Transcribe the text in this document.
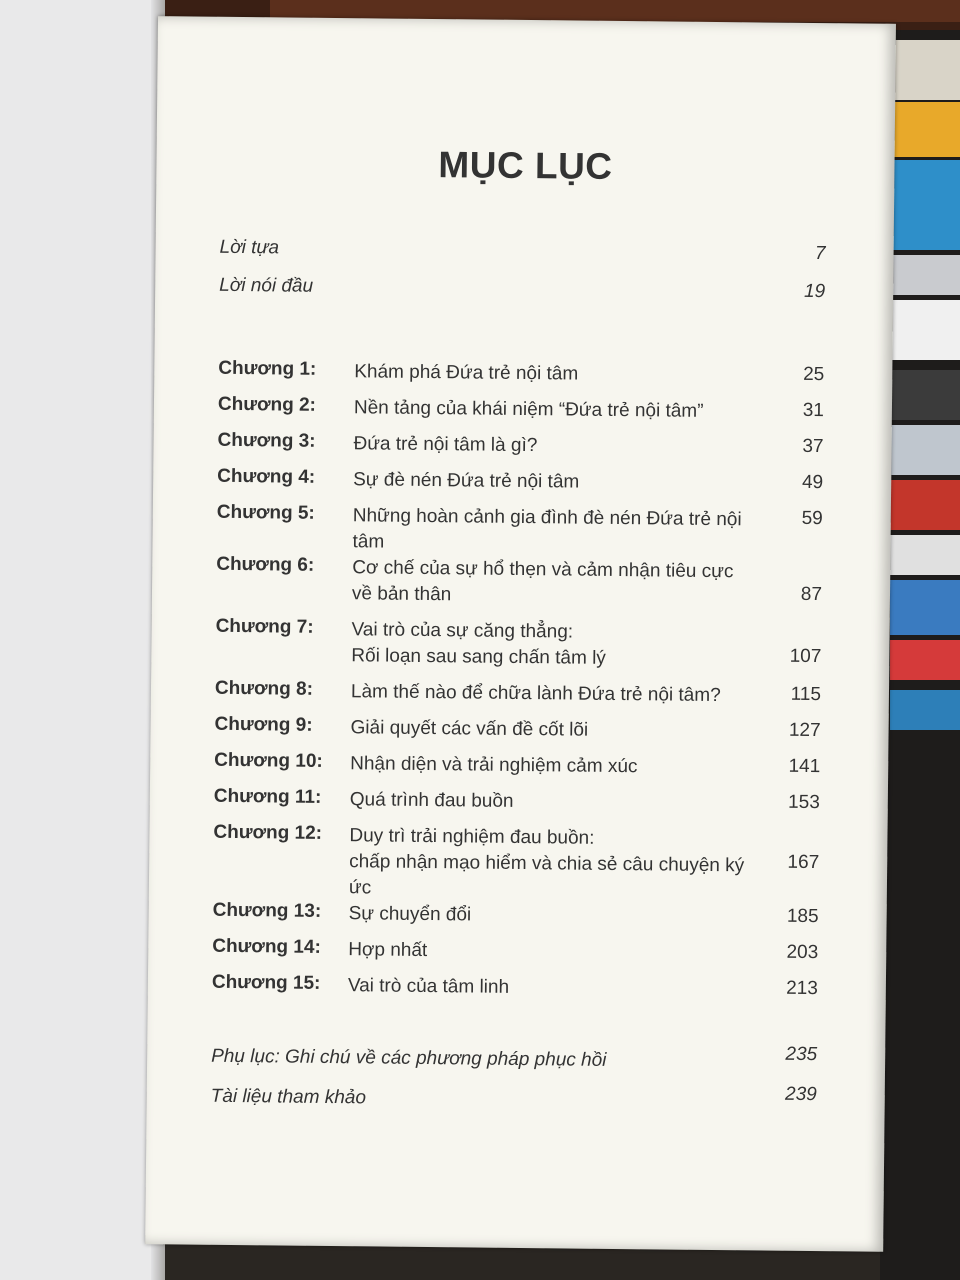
MỤC LỤC
Lời tựa	7
Lời nói đầu	19
Chương 1:	Khám phá Đứa trẻ nội tâm	25
Chương 2:	Nền tảng của khái niệm “Đứa trẻ nội tâm”	31
Chương 3:	Đứa trẻ nội tâm là gì?	37
Chương 4:	Sự đè nén Đứa trẻ nội tâm	49
Chương 5:	Những hoàn cảnh gia đình đè nén Đứa trẻ nội tâm
59
Chương 6:	Cơ chế của sự hổ thẹn và cảm nhận tiêu cực
về bản thân	87
Chương 7:	Vai trò của sự căng thẳng:
Rối loạn sau sang chấn tâm lý	107
Chương 8:	Làm thế nào để chữa lành Đứa trẻ nội tâm?	115
Chương 9:	Giải quyết các vấn đề cốt lõi	127
Chương 10:	Nhận diện và trải nghiệm cảm xúc	141
Chương 11:	Quá trình đau buồn	153
Chương 12:	Duy trì trải nghiệm đau buồn:
chấp nhận mạo hiểm và chia sẻ câu chuyện ký ức
167
Chương 13:	Sự chuyển đổi	185
Chương 14:	Hợp nhất	203
Chương 15:	Vai trò của tâm linh	213
Phụ lục: Ghi chú về các phương pháp phục hồi	235
Tài liệu tham khảo	239
